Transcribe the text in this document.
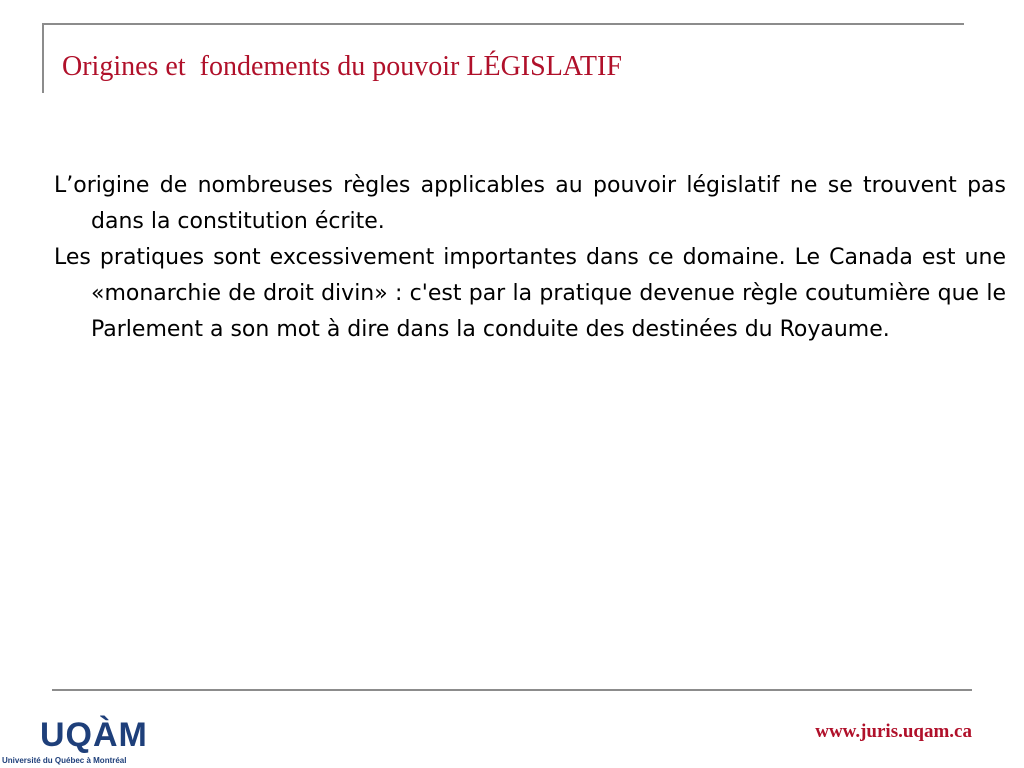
Origines et  fondements du pouvoir LÉGISLATIF

L’origine de nombreuses règles applicables au pouvoir législatif ne se trouvent pas dans la constitution écrite.

Les pratiques sont excessivement importantes dans ce domaine. Le Canada est une «monarchie de droit divin» : c'est par la pratique devenue règle coutumière que le Parlement a son mot à dire dans la conduite des destinées du Royaume.

UQÀM
Université du Québec à Montréal
www.juris.uqam.ca
